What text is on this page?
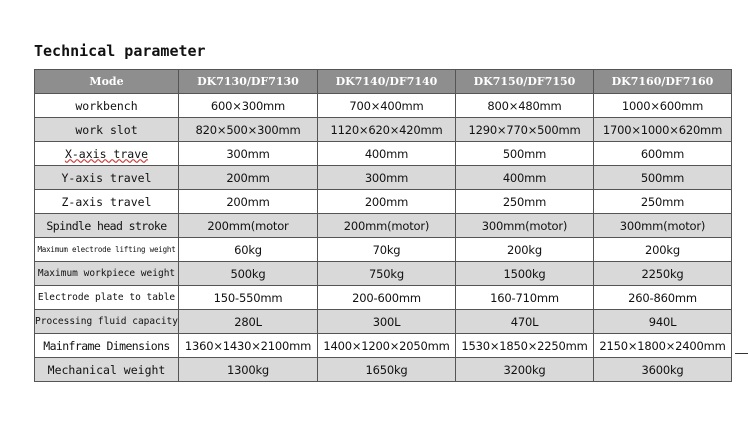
Technical parameter
Mode	DK7130/DF7130	DK7140/DF7140	DK7150/DF7150	DK7160/DF7160
workbench	600×300mm	700×400mm	800×480mm	1000×600mm
work slot	820×500×300mm	1120×620×420mm	1290×770×500mm	1700×1000×620mm
X-axis trave	300mm	400mm	500mm	600mm
Y-axis travel	200mm	300mm	400mm	500mm
Z-axis travel	200mm	200mm	250mm	250mm
Spindle head stroke	200mm(motor	200mm(motor)	300mm(motor)	300mm(motor)
Maximum electrode lifting weight	60kg	70kg	200kg	200kg
Maximum workpiece weight	500kg	750kg	1500kg	2250kg
Electrode plate to table	150-550mm	200-600mm	160-710mm	260-860mm
Processing fluid capacity	280L	300L	470L	940L
Mainframe Dimensions	1360×1430×2100mm	1400×1200×2050mm	1530×1850×2250mm	2150×1800×2400mm
Mechanical weight	1300kg	1650kg	3200kg	3600kg
